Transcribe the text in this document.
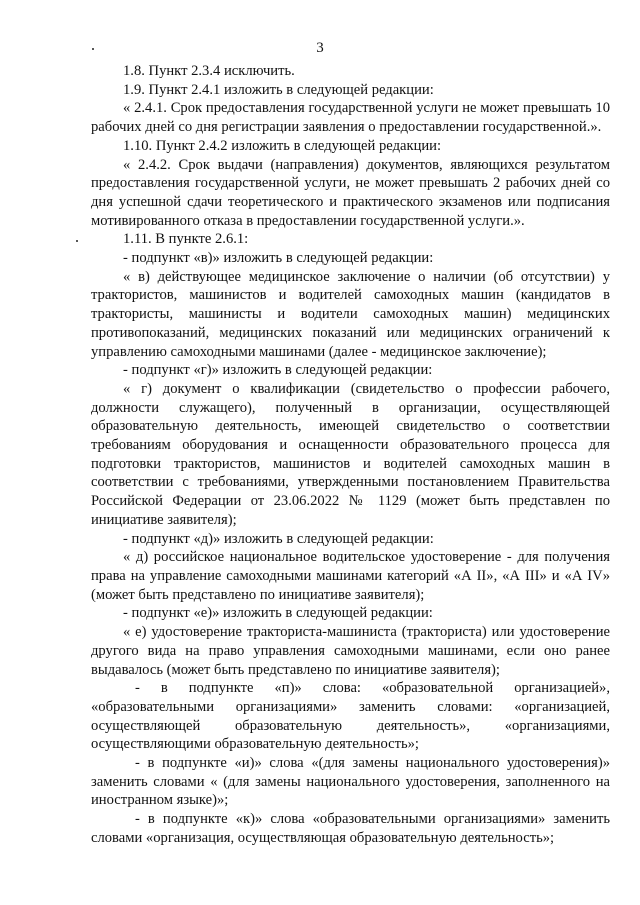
3

1.8. Пункт 2.3.4 исключить.

1.9. Пункт 2.4.1 изложить в следующей редакции:

« 2.4.1. Срок предоставления государственной услуги не может превышать 10 рабочих дней со дня регистрации заявления о предоставлении государственной.».

1.10. Пункт 2.4.2 изложить в следующей редакции:

« 2.4.2. Срок выдачи (направления) документов, являющихся результатом предоставления государственной услуги, не может превышать 2 рабочих дней со дня успешной сдачи теоретического и практического экзаменов или подписания мотивированного отказа в предоставлении государственной услуги.».

1.11. В пункте 2.6.1:

- подпункт «в)» изложить в следующей редакции:

« в) действующее медицинское заключение о наличии (об отсутствии) у трактористов, машинистов и водителей самоходных машин (кандидатов в трактористы, машинисты и водители самоходных машин) медицинских противопоказаний, медицинских показаний или медицинских ограничений к управлению самоходными машинами (далее - медицинское заключение);

- подпункт «г)» изложить в следующей редакции:

« г) документ о квалификации (свидетельство о профессии рабочего, должности служащего), полученный в организации, осуществляющей образовательную деятельность, имеющей свидетельство о соответствии требованиям оборудования и оснащенности образовательного процесса для подготовки трактористов, машинистов и водителей самоходных машин в соответствии с требованиями, утвержденными постановлением Правительства Российской Федерации от 23.06.2022 № 1129 (может быть представлен по инициативе заявителя);

- подпункт «д)» изложить в следующей редакции:

« д) российское национальное водительское удостоверение - для получения права на управление самоходными машинами категорий «А II», «А III» и «А IV» (может быть представлено по инициативе заявителя);

- подпункт «е)» изложить в следующей редакции:

« е) удостоверение тракториста-машиниста (тракториста) или удостоверение другого вида на право управления самоходными машинами, если оно ранее выдавалось (может быть представлено по инициативе заявителя);

- в подпункте «п)» слова: «образовательной организацией», «образовательными организациями» заменить словами: «организацией, осуществляющей образовательную деятельность», «организациями, осуществляющими образовательную деятельность»;

- в подпункте «и)» слова «(для замены национального удостоверения)» заменить словами « (для замены национального удостоверения, заполненного на иностранном языке)»;

- в подпункте «к)» слова «образовательными организациями» заменить словами «организация, осуществляющая образовательную деятельность»;
